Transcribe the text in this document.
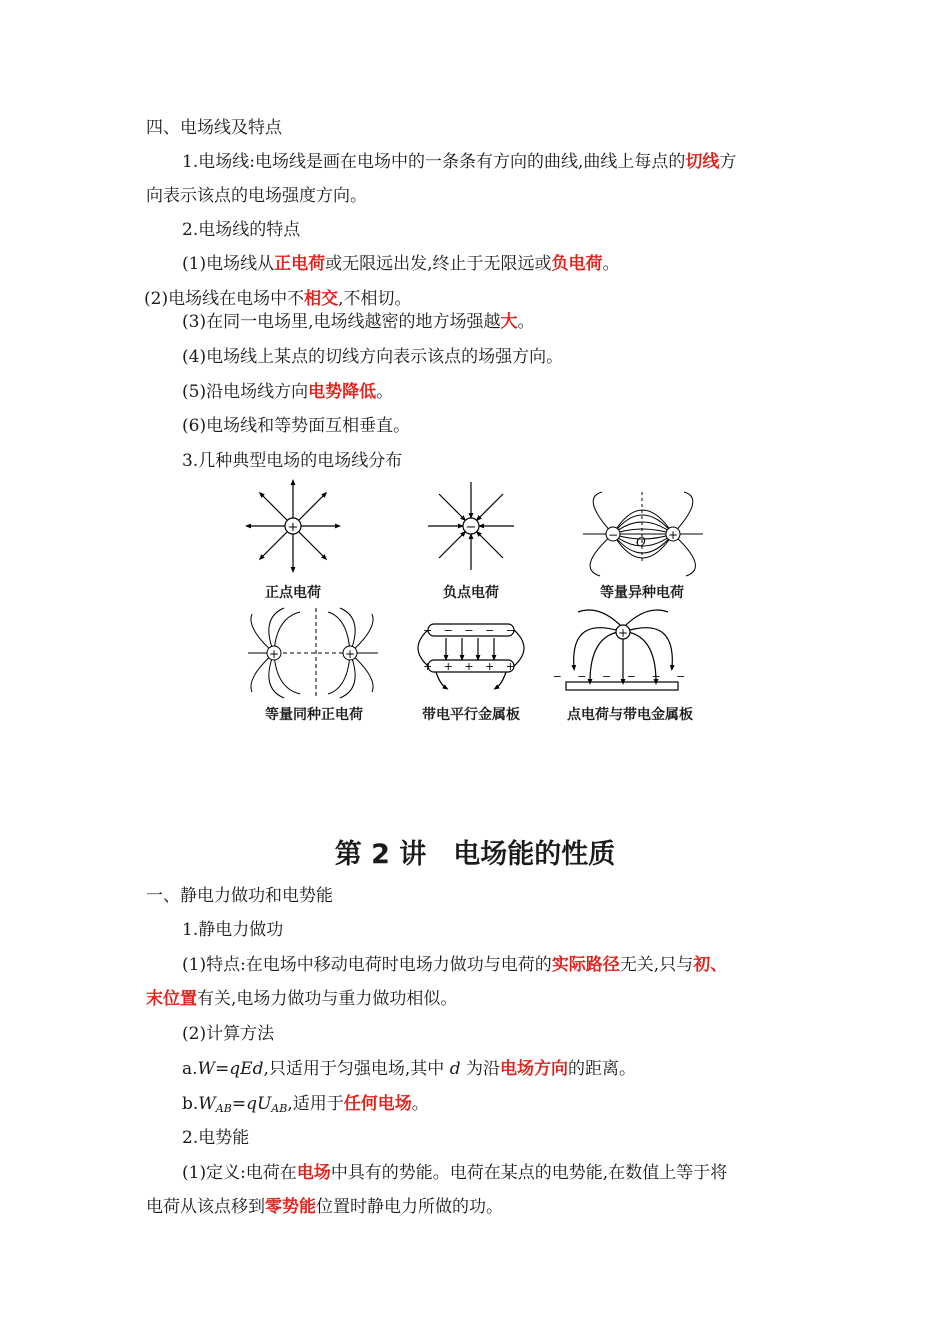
四、电场线及特点
1.电场线:电场线是画在电场中的一条条有方向的曲线,曲线上每点的切线方
向表示该点的电场强度方向。
2.电场线的特点
(1)电场线从正电荷或无限远出发,终止于无限远或负电荷。
(2)电场线在电场中不相交,不相切。
(3)在同一电场里,电场线越密的地方场强越大。
(4)电场线上某点的切线方向表示该点的场强方向。
(5)沿电场线方向电势降低。
(6)电场线和等势面互相垂直。
3.几种典型电场的电场线分布
+	−	−	+
O
+	+
− − − − −
+ + + + +
+
− − − − − −
正点电荷	负点电荷	等量异种电荷
等量同种正电荷	带电平行金属板	点电荷与带电金属板
第 2 讲　电场能的性质
一、静电力做功和电势能
1.静电力做功
(1)特点:在电场中移动电荷时电场力做功与电荷的实际路径无关,只与初、
末位置有关,电场力做功与重力做功相似。
(2)计算方法
a.W=qEd,只适用于匀强电场,其中 d 为沿电场方向的距离。
$b.W_{AB}=qU_{AB}$,适用于任何电场。
2.电势能
(1)定义:电荷在电场中具有的势能。电荷在某点的电势能,在数值上等于将
电荷从该点移到零势能位置时静电力所做的功。
